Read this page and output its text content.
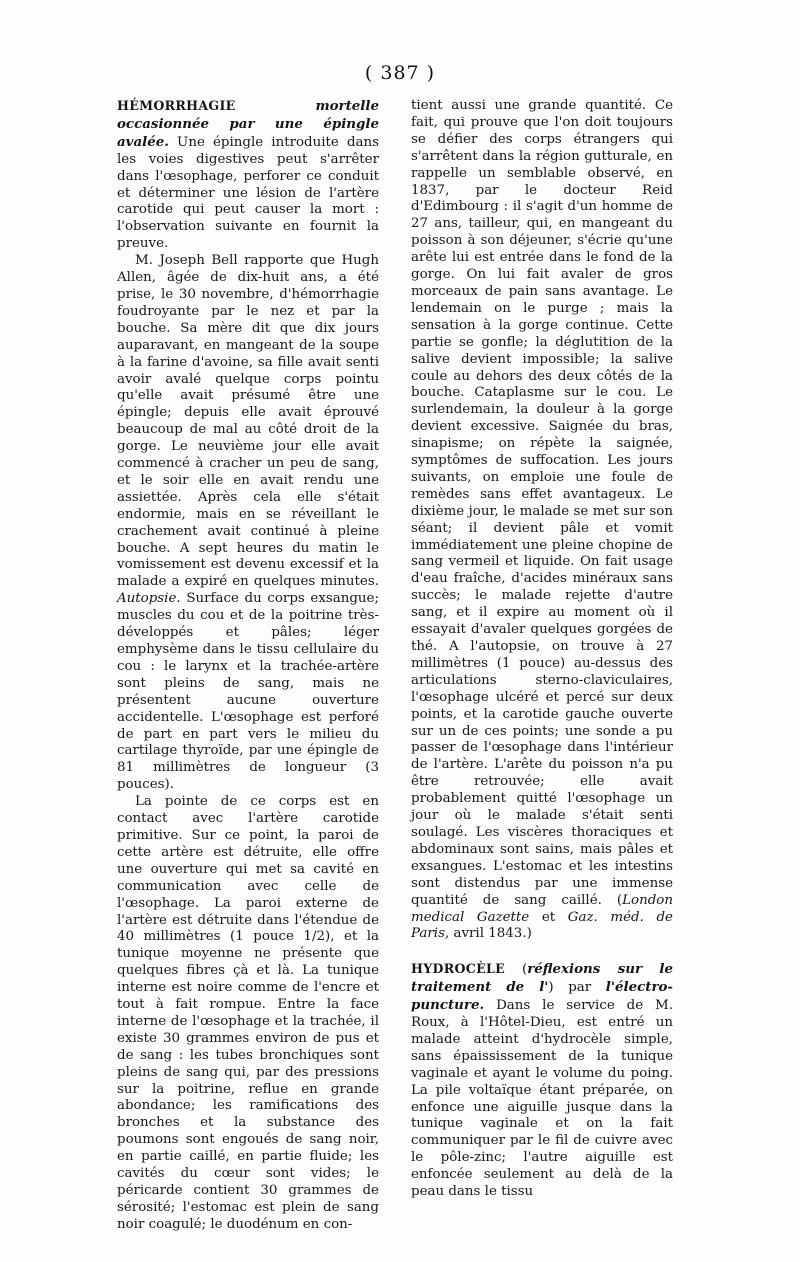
( 387 )

HÉMORRHAGIE	mortelle occasionnée par une épingle avalée. Une épingle introduite dans les voies digestives peut s'arrêter dans l'œsophage, perforer ce conduit et déterminer une lésion de l'artère carotide qui peut causer la mort : l'observation suivante en fournit la preuve.

M. Joseph Bell rapporte que Hugh Allen, âgée de dix-huit ans, a été prise, le 30 novembre, d'hémorrhagie foudroyante par le nez et par la bouche. Sa mère dit que dix jours auparavant, en mangeant de la soupe à la farine d'avoine, sa fille avait senti avoir avalé quelque corps pointu qu'elle avait présumé être une épingle; depuis elle avait éprouvé beaucoup de mal au côté droit de la gorge. Le neuvième jour elle avait commencé à cracher un peu de sang, et le soir elle en avait rendu une assiettée. Après cela elle s'était endormie, mais en se réveillant le crachement avait continué à pleine bouche. A sept heures du matin le vomissement est devenu excessif et la malade a expiré en quelques minutes. Autopsie. Surface du corps exsangue; muscles du cou et de la poitrine très-développés et pâles; léger emphysème dans le tissu cellulaire du cou : le larynx et la trachée-artère sont pleins de sang, mais ne présentent aucune ouverture accidentelle. L'œsophage est perforé de part en part vers le milieu du cartilage thyroïde, par une épingle de 81 millimètres de longueur (3 pouces).

La pointe de ce corps est en contact avec l'artère carotide primitive. Sur ce point, la paroi de cette artère est détruite, elle offre une ouverture qui met sa cavité en communication avec celle de l'œsophage. La paroi externe de l'artère est détruite dans l'étendue de 40 millimètres (1 pouce 1/2), et la tunique moyenne ne présente que quelques fibres çà et là. La tunique interne est noire comme de l'encre et tout à fait rompue. Entre la face interne de l'œsophage et la trachée, il existe 30 grammes environ de pus et de sang : les tubes bronchiques sont pleins de sang qui, par des pressions sur la poitrine, reflue en grande abondance; les ramifications des bronches et la substance des poumons sont engoués de sang noir, en partie caillé, en partie fluide; les cavités du cœur sont vides; le péricarde contient 30 grammes de sérosité; l'estomac est plein de sang noir coagulé; le duodénum en con-

tient aussi une grande quantité. Ce fait, qui prouve que l'on doit toujours se défier des corps étrangers qui s'arrêtent dans la région gutturale, en rappelle un semblable observé, en 1837, par le docteur Reid d'Edimbourg : il s'agit d'un homme de 27 ans, tailleur, qui, en mangeant du poisson à son déjeuner, s'écrie qu'une arête lui est entrée dans le fond de la gorge. On lui fait avaler de gros morceaux de pain sans avantage. Le lendemain on le purge ; mais la sensation à la gorge continue. Cette partie se gonfle; la déglutition de la salive devient impossible; la salive coule au dehors des deux côtés de la bouche. Cataplasme sur le cou. Le surlendemain, la douleur à la gorge devient excessive. Saignée du bras, sinapisme; on répète la saignée, symptômes de suffocation. Les jours suivants, on emploie une foule de remèdes sans effet avantageux. Le dixième jour, le malade se met sur son séant; il devient pâle et vomit immédiatement une pleine chopine de sang vermeil et liquide. On fait usage d'eau fraîche, d'acides minéraux sans succès; le malade rejette d'autre sang, et il expire au moment où il essayait d'avaler quelques gorgées de thé. A l'autopsie, on trouve à 27 millimètres (1 pouce) au-dessus des articulations sterno-claviculaires, l'œsophage ulcéré et percé sur deux points, et la carotide gauche ouverte sur un de ces points; une sonde a pu passer de l'œsophage dans l'intérieur de l'artère. L'arête du poisson n'a pu être retrouvée; elle avait probablement quitté l'œsophage un jour où le malade s'était senti soulagé. Les viscères thoraciques et abdominaux sont sains, mais pâles et exsangues. L'estomac et les intestins sont distendus par une immense quantité de sang caillé. (London medical Gazette et Gaz. méd. de Paris, avril 1843.)

HYDROCÈLE (réflexions sur le traitement de l') par l'électro-puncture. Dans le service de M. Roux, à l'Hôtel-Dieu, est entré un malade atteint d'hydrocèle simple, sans épaississement de la tunique vaginale et ayant le volume du poing. La pile voltaïque étant préparée, on enfonce une aiguille jusque dans la tunique vaginale et on la fait communiquer par le fil de cuivre avec le pôle-zinc; l'autre aiguille est enfoncée seulement au delà de la peau dans le tissu
